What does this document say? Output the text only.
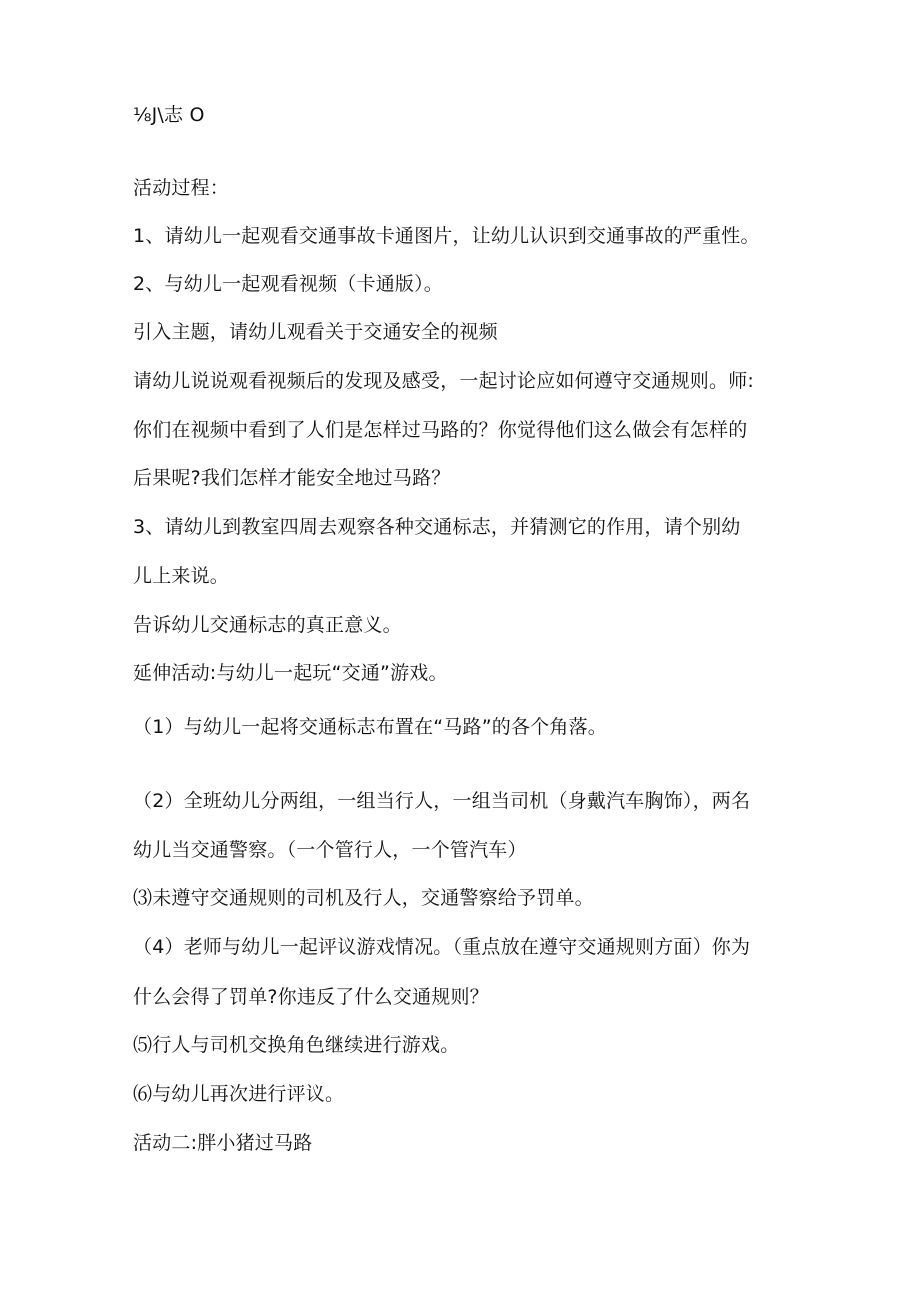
⅛J\志 O
活动过程：
1、请幼儿一起观看交通事故卡通图片，让幼儿认识到交通事故的严重性。
2、与幼儿一起观看视频（卡通版）。
引入主题，请幼儿观看关于交通安全的视频
请幼儿说说观看视频后的发现及感受，一起讨论应如何遵守交通规则。师:
你们在视频中看到了人们是怎样过马路的？你觉得他们这么做会有怎样的
后果呢?我们怎样才能安全地过马路？
3、请幼儿到教室四周去观察各种交通标志，并猜测它的作用，请个别幼
儿上来说。
告诉幼儿交通标志的真正意义。
延伸活动:与幼儿一起玩“交通”游戏。
（1）与幼儿一起将交通标志布置在“马路”的各个角落。
（2）全班幼儿分两组，一组当行人，一组当司机（身戴汽车胸饰），两名
幼儿当交通警察。（一个管行人，一个管汽车）
⑶未遵守交通规则的司机及行人，交通警察给予罚单。
（4）老师与幼儿一起评议游戏情况。（重点放在遵守交通规则方面）你为
什么会得了罚单?你违反了什么交通规则？
⑸行人与司机交换角色继续进行游戏。
⑹与幼儿再次进行评议。
活动二:胖小猪过马路
